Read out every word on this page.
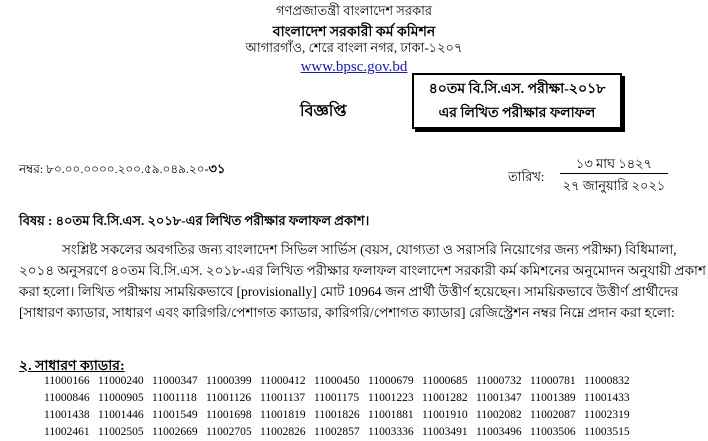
গণপ্রজাতন্ত্রী বাংলাদেশ সরকার
বাংলাদেশ সরকারী কর্ম কমিশন
আগারগাঁও, শেরে বাংলা নগর, ঢাকা-১২০৭
www.bpsc.gov.bd
বিজ্ঞপ্তি
৪০তম বি.সি.এস. পরীক্ষা-২০১৮
এর লিখিত পরীক্ষার ফলাফল
নম্বর: ৮০.০০.০০০০.২০০.৫৯.০৪৯.২০-৩১
তারিখ:
১৩ মাঘ ১৪২৭
২৭ জানুয়ারি ২০২১
বিষয় : ৪০তম বি.সি.এস. ২০১৮-এর লিখিত পরীক্ষার ফলাফল প্রকাশ।
সংশ্লিষ্ট সকলের অবগতির জন্য বাংলাদেশ সিভিল সার্ভিস (বয়স, যোগ্যতা ও সরাসরি নিয়োগের জন্য পরীক্ষা) বিধিমালা,
২০১৪ অনুসরণে ৪০তম বি.সি.এস. ২০১৮-এর লিখিত পরীক্ষার ফলাফল বাংলাদেশ সরকারী কর্ম কমিশনের অনুমোদন অনুযায়ী প্রকাশ
করা হলো। লিখিত পরীক্ষায় সাময়িকভাবে [provisionally] মোট 10964 জন প্রার্থী উত্তীর্ণ হয়েছেন। সাময়িকভাবে উত্তীর্ণ প্রার্থীদের
[সাধারণ ক্যাডার, সাধারণ এবং কারিগরি/পেশাগত ক্যাডার, কারিগরি/পেশাগত ক্যাডার] রেজিস্ট্রেশন নম্বর নিম্নে প্রদান করা হলো:
২. সাধারণ ক্যাডার:
11000166 11000240 11000347 11000399 11000412 11000450 11000679 11000685 11000732 11000781 11000832
11000846 11000905 11001118 11001126 11001137 11001175 11001223 11001282 11001347 11001389 11001433
11001438 11001446 11001549 11001698 11001819 11001826 11001881 11001910 11002082 11002087 11002319
11002461 11002505 11002669 11002705 11002826 11002857 11003336 11003491 11003496 11003506 11003515
